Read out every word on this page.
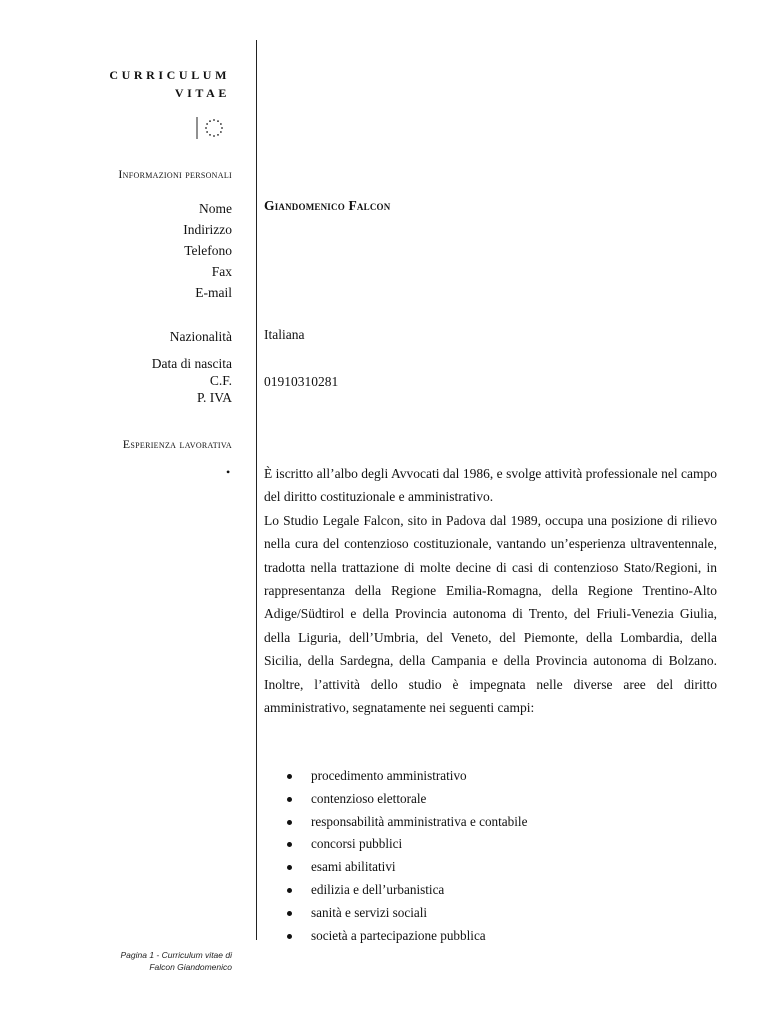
CURRICULUM
VITAE
Informazioni personali
Nome
Indirizzo
Telefono
Fax
E-mail
Giandomenico Falcon
Nazionalità Italiana
Data di nascita
C.F.
P. IVA
01910310281
Esperienza lavorativa
•	È iscritto all’albo degli Avvocati dal 1986, e svolge attività professionale nel campo del diritto costituzionale e amministrativo.

Lo Studio Legale Falcon, sito in Padova dal 1989, occupa una posizione di rilievo nella cura del contenzioso costituzionale, vantando un’esperienza ultraventennale, tradotta nella trattazione di molte decine di casi di contenzioso Stato/Regioni, in rappresentanza della Regione Emilia-Romagna, della Regione Trentino-Alto Adige/Südtirol e della Provincia autonoma di Trento, del Friuli-Venezia Giulia, della Liguria, dell’Umbria, del Veneto, del Piemonte, della Lombardia, della Sicilia, della Sardegna, della Campania e della Provincia autonoma di Bolzano. Inoltre, l’attività dello studio è impegnata nelle diverse aree del diritto amministrativo, segnatamente nei seguenti campi:

procedimento amministrativo
contenzioso elettorale
responsabilità amministrativa e contabile
concorsi pubblici
esami abilitativi
edilizia e dell’urbanistica
sanità e servizi sociali
società a partecipazione pubblica
Pagina 1 - Curriculum vitae di
Falcon Giandomenico
